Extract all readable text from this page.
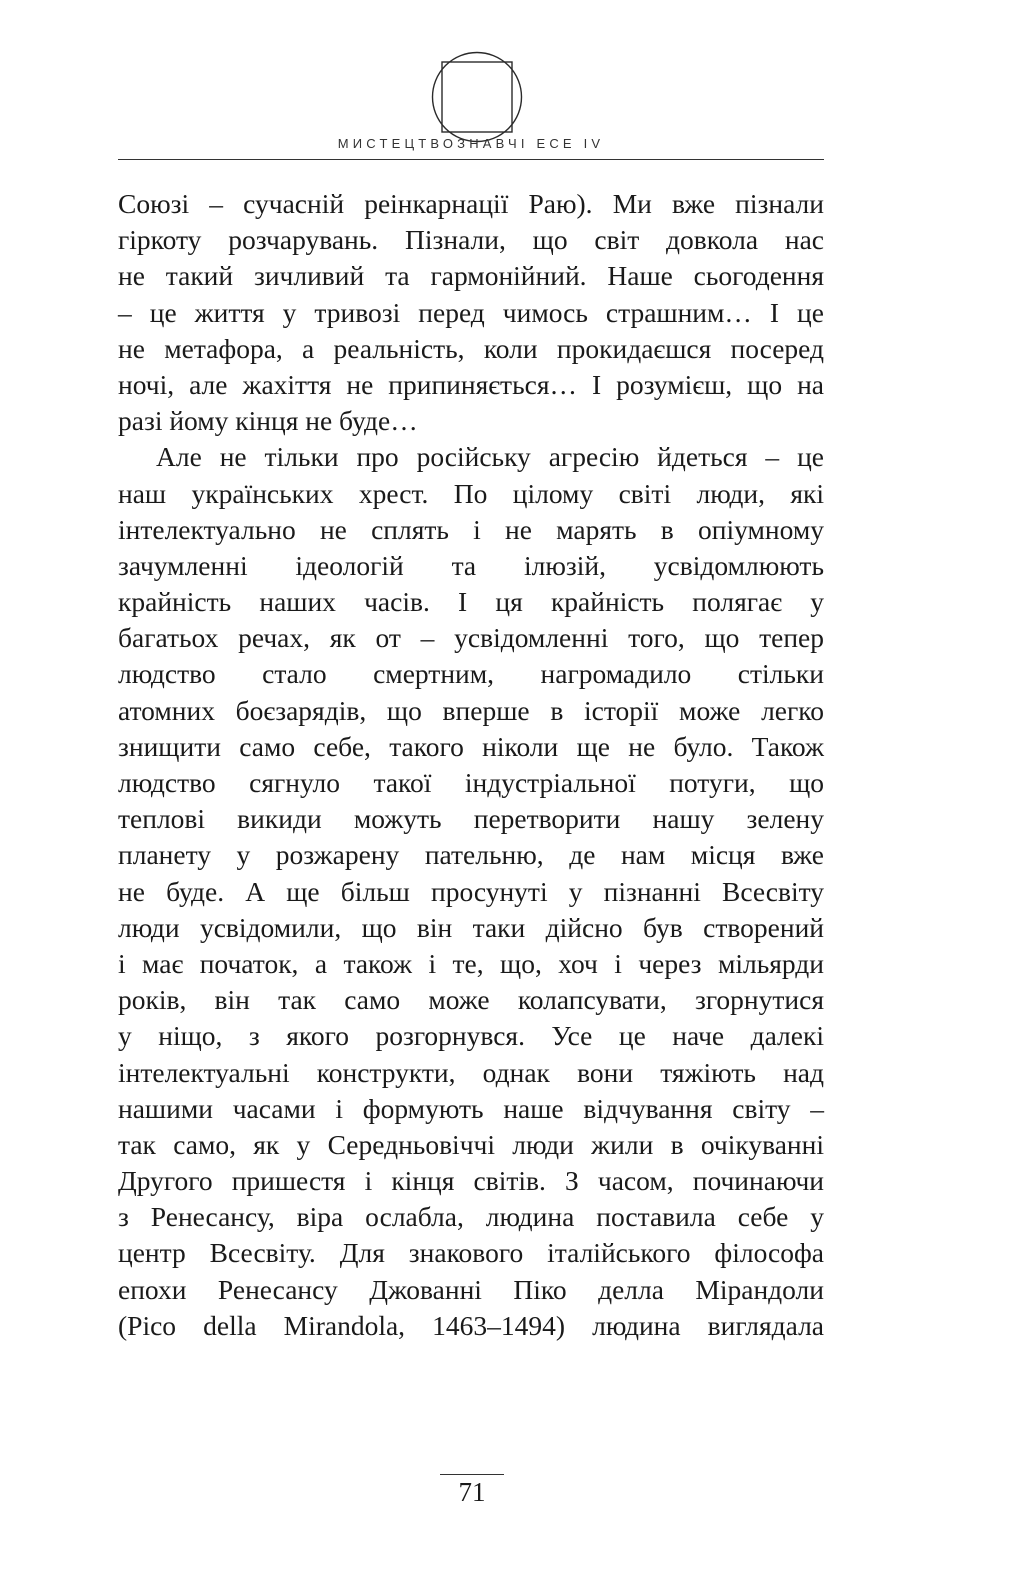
МИСТЕЦТВОЗНАВЧІ ЕСЕ IV
Союзі – сучасній реінкарнації Раю). Ми вже пізнали
гіркоту розчарувань. Пізнали, що світ довкола нас
не такий зичливий та гармонійний. Наше сьогодення
– це життя у тривозі перед чимось страшним… І це
не метафора, а реальність, коли прокидаєшся посеред
ночі, але жахіття не припиняється… І розумієш, що на
разі йому кінця не буде…
Але не тільки про російську агресію йдеться – це
наш українських хрест. По цілому світі люди, які
інтелектуально не сплять і не марять в опіумному
зачумленні ідеологій та ілюзій, усвідомлюють
крайність наших часів. І ця крайність полягає у
багатьох речах, як от – усвідомленні того, що тепер
людство стало смертним, нагромадило стільки
атомних боєзарядів, що вперше в історії може легко
знищити само себе, такого ніколи ще не було. Також
людство сягнуло такої індустріальної потуги, що
теплові викиди можуть перетворити нашу зелену
планету у розжарену пательню, де нам місця вже
не буде. А ще більш просунуті у пізнанні Всесвіту
люди усвідомили, що він таки дійсно був створений
і має початок, а також і те, що, хоч і через мільярди
років, він так само може колапсувати, згорнутися
у ніщо, з якого розгорнувся. Усе це наче далекі
інтелектуальні конструкти, однак вони тяжіють над
нашими часами і формують наше відчування світу –
так само, як у Середньовіччі люди жили в очікуванні
Другого пришестя і кінця світів. З часом, починаючи
з Ренесансу, віра ослабла, людина поставила себе у
центр Всесвіту. Для знакового італійського філософа
епохи Ренесансу Джованні Піко делла Мірандоли
(Pico della Mirandola, 1463–1494) людина виглядала
71
